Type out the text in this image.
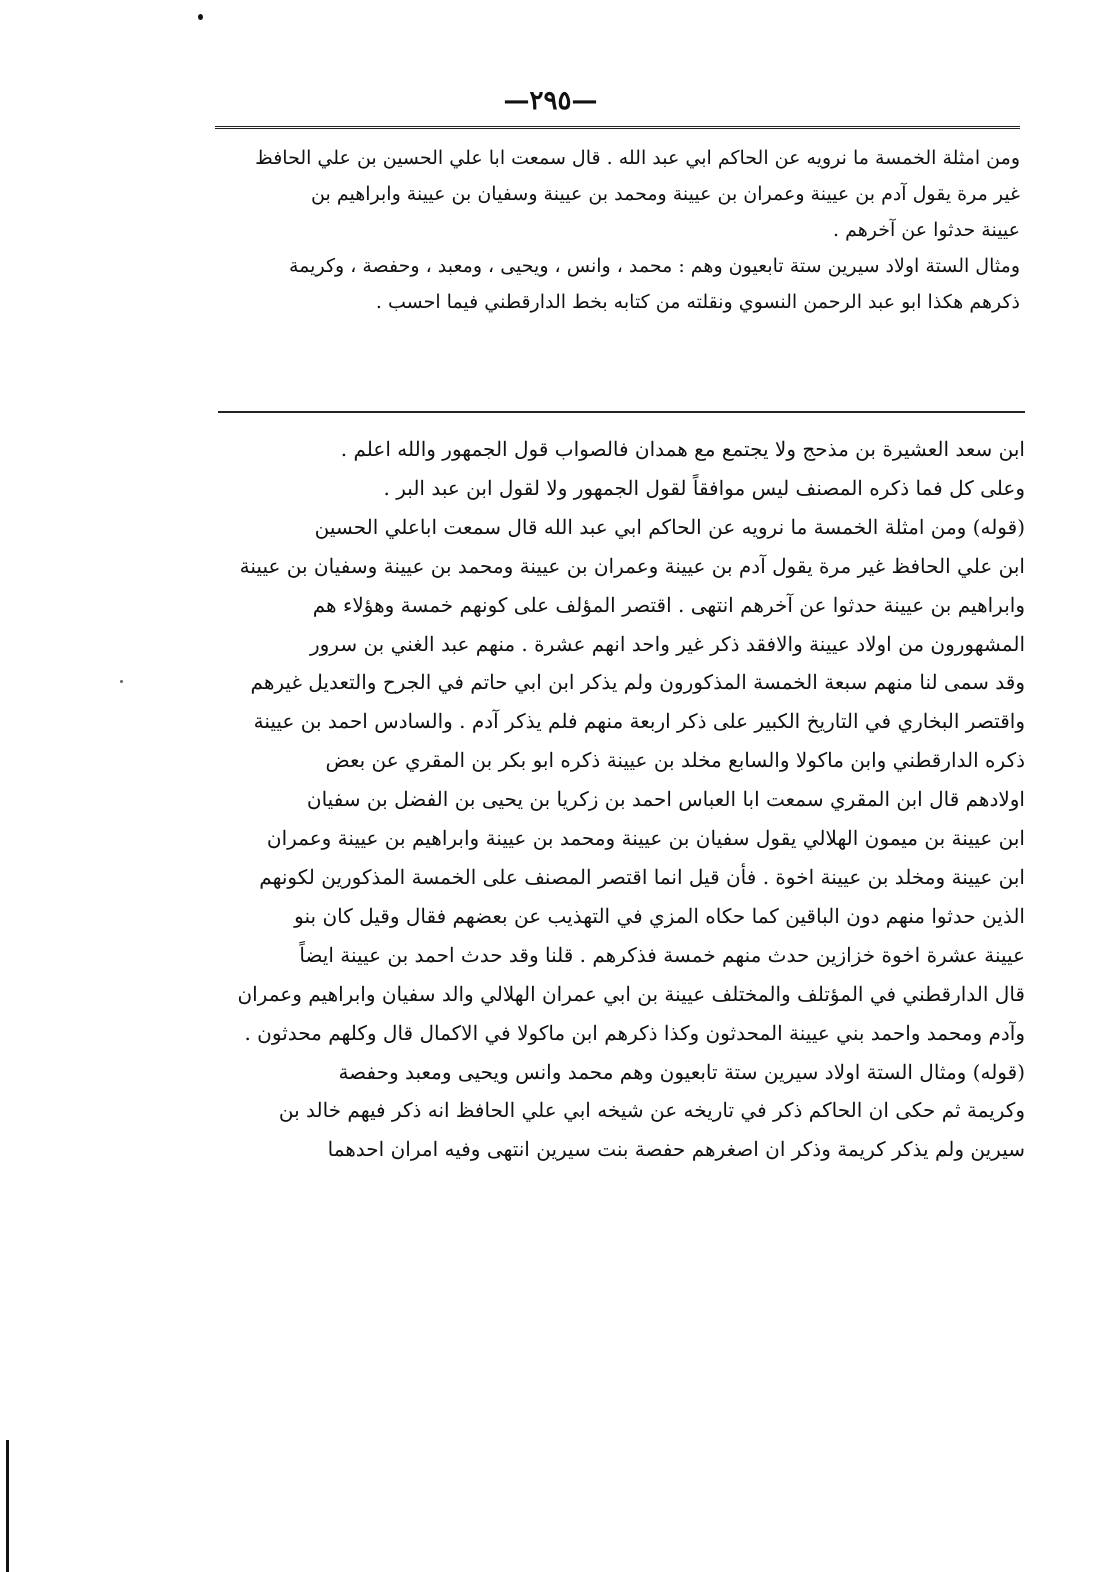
—٢٩٥—
ومن امثلة الخمسة ما نرويه عن الحاكم ابي عبد الله . قال سمعت ابا علي الحسين بن علي الحافظ
غير مرة يقول آدم بن عيينة وعمران بن عيينة ومحمد بن عيينة وسفيان بن عيينة وابراهيم بن
عيينة حدثوا عن آخرهم .
ومثال الستة اولاد سيرين ستة تابعيون وهم : محمد ، وانس ، ويحيى ، ومعبد ، وحفصة ، وكريمة
ذكرهم هكذا ابو عبد الرحمن النسوي ونقلته من كتابه بخط الدارقطني فيما احسب .
ابن سعد العشيرة بن مذحج ولا يجتمع مع همدان فالصواب قول الجمهور والله اعلم .
وعلى كل فما ذكره المصنف ليس موافقاً لقول الجمهور ولا لقول ابن عبد البر .
(قوله) ومن امثلة الخمسة ما نرويه عن الحاكم ابي عبد الله قال سمعت اباعلي الحسين
ابن علي الحافظ غير مرة يقول آدم بن عيينة وعمران بن عيينة ومحمد بن عيينة وسفيان بن عيينة
وابراهيم بن عيينة حدثوا عن آخرهم انتهى . اقتصر المؤلف على كونهم خمسة وهؤلاء هم
المشهورون من اولاد عيينة والافقد ذكر غير واحد انهم عشرة . منهم عبد الغني بن سرور
وقد سمى لنا منهم سبعة الخمسة المذكورون ولم يذكر ابن ابي حاتم في الجرح والتعديل غيرهم
واقتصر البخاري في التاريخ الكبير على ذكر اربعة منهم فلم يذكر آدم . والسادس احمد بن عيينة
ذكره الدارقطني وابن ماكولا والسابع مخلد بن عيينة ذكره ابو بكر بن المقري عن بعض
اولادهم قال ابن المقري سمعت ابا العباس احمد بن زكريا بن يحيى بن الفضل بن سفيان
ابن عيينة بن ميمون الهلالي يقول سفيان بن عيينة ومحمد بن عيينة وابراهيم بن عيينة وعمران
ابن عيينة ومخلد بن عيينة اخوة . فأن قيل انما اقتصر المصنف على الخمسة المذكورين لكونهم
الذين حدثوا منهم دون الباقين كما حكاه المزي في التهذيب عن بعضهم فقال وقيل كان بنو
عيينة عشرة اخوة خزازين حدث منهم خمسة فذكرهم . قلنا وقد حدث احمد بن عيينة ايضاً
قال الدارقطني في المؤتلف والمختلف عيينة بن ابي عمران الهلالي والد سفيان وابراهيم وعمران
وآدم ومحمد واحمد بني عيينة المحدثون وكذا ذكرهم ابن ماكولا في الاكمال قال وكلهم محدثون .
(قوله) ومثال الستة اولاد سيرين ستة تابعيون وهم محمد وانس ويحيى ومعبد وحفصة
وكريمة ثم حكى ان الحاكم ذكر في تاريخه عن شيخه ابي علي الحافظ انه ذكر فيهم خالد بن
سيرين ولم يذكر كريمة وذكر ان اصغرهم حفصة بنت سيرين انتهى وفيه امران احدهما
